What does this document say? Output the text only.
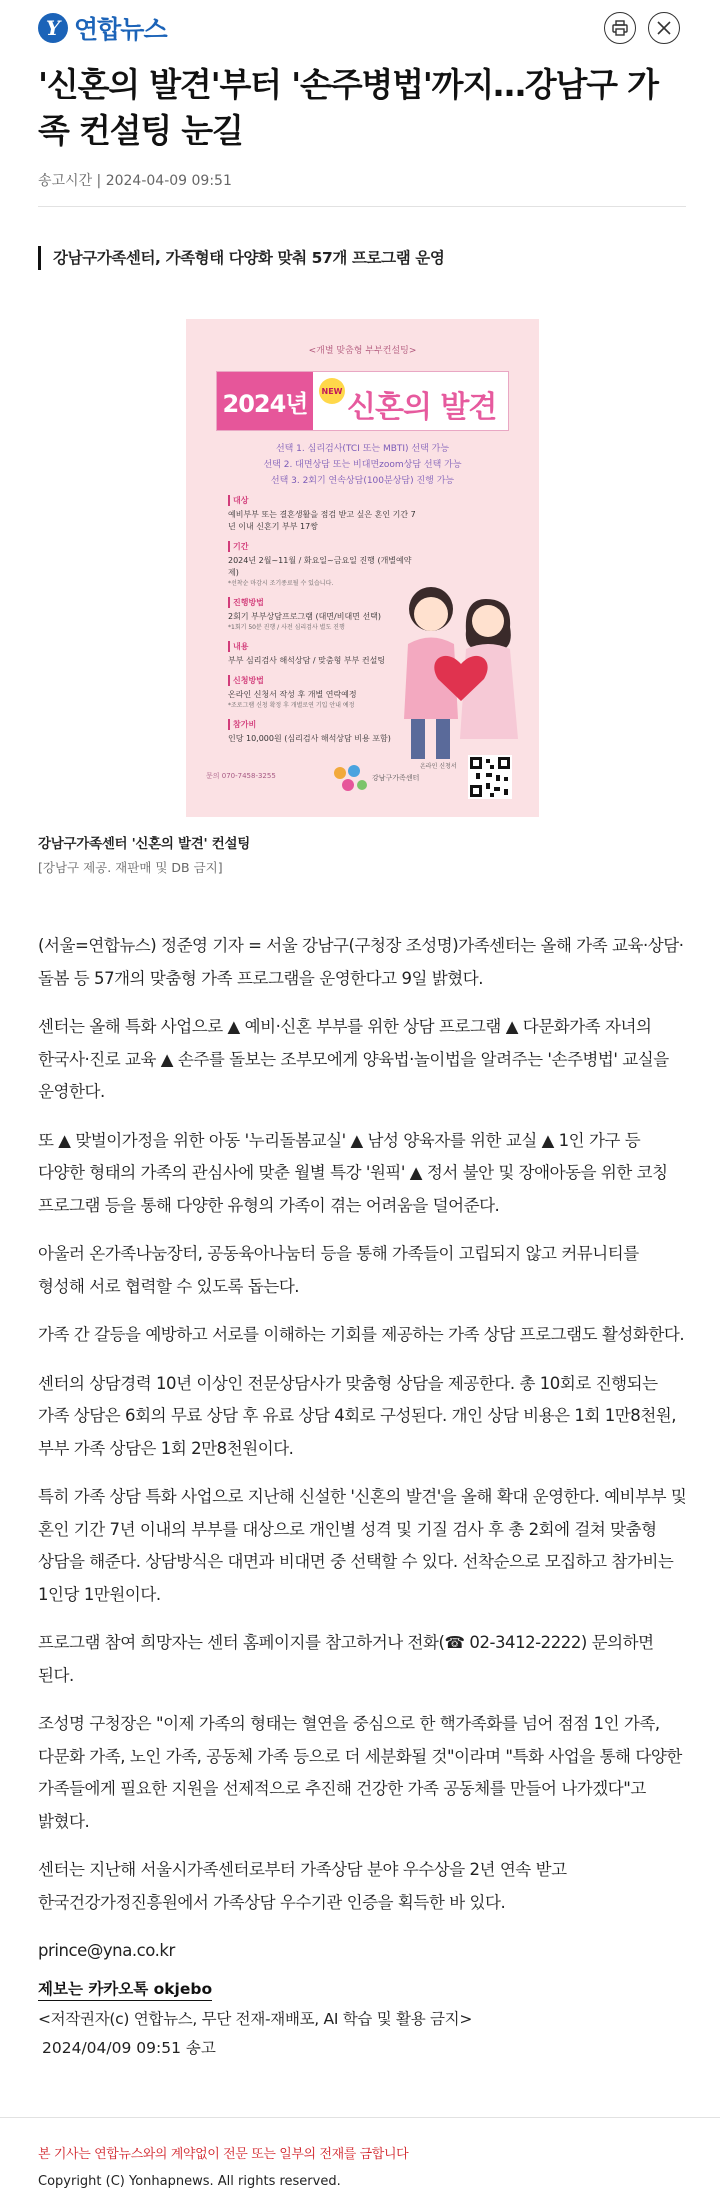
Y 연합뉴스
'신혼의 발견'부터 '손주병법'까지…강남구 가족 컨설팅 눈길
송고시간 | 2024-04-09 09:51
강남구가족센터, 가족형태 다양화 맞춰 57개 프로그램 운영
<개별 맞춤형 부부컨설팅>
2024년	NEW 신혼의 발견
선택 1. 심리검사(TCI 또는 MBTI) 선택 가능
선택 2. 대면상담 또는 비대면zoom상담 선택 가능
선택 3. 2회기 연속상담(100분상담) 진행 가능
대상
예비부부 또는 결혼생활을 점검 받고 싶은 혼인 기간 7년 이내 신혼기 부부 17쌍
기간
2024년 2월~11월 / 화요일~금요일 진행 (개별예약제)
*선착순 마감시 조기종료될 수 있습니다.
진행방법
2회기 부부상담프로그램 (대면/비대면 선택)
*1회기 50분 진행 / 사전 심리검사 별도 진행
내용
부부 심리검사 해석상담 / 맞춤형 부부 컨설팅
신청방법
온라인 신청서 작성 후 개별 연락예정
*조로그램 신청 확정 후 개별로연 기입 안내 예정
참가비
인당 10,000원 (심리검사 해석상담 비용 포함)
문의 070-7458-3255	강남구가족센터
온라인 신청서
강남구가족센터 '신혼의 발견' 컨설팅
[강남구 제공. 재판매 및 DB 금지]

(서울=연합뉴스) 정준영 기자 = 서울 강남구(구청장 조성명)가족센터는 올해 가족 교육·상담·돌봄 등 57개의 맞춤형 가족 프로그램을 운영한다고 9일 밝혔다.

센터는 올해 특화 사업으로 ▲ 예비·신혼 부부를 위한 상담 프로그램 ▲ 다문화가족 자녀의 한국사·진로 교육 ▲ 손주를 돌보는 조부모에게 양육법·놀이법을 알려주는 '손주병법' 교실을 운영한다.

또 ▲ 맞벌이가정을 위한 아동 '누리돌봄교실' ▲ 남성 양육자를 위한 교실 ▲ 1인 가구 등 다양한 형태의 가족의 관심사에 맞춘 월별 특강 '원픽' ▲ 정서 불안 및 장애아동을 위한 코칭 프로그램 등을 통해 다양한 유형의 가족이 겪는 어려움을 덜어준다.

아울러 온가족나눔장터, 공동육아나눔터 등을 통해 가족들이 고립되지 않고 커뮤니티를 형성해 서로 협력할 수 있도록 돕는다.

가족 간 갈등을 예방하고 서로를 이해하는 기회를 제공하는 가족 상담 프로그램도 활성화한다.

센터의 상담경력 10년 이상인 전문상담사가 맞춤형 상담을 제공한다. 총 10회로 진행되는 가족 상담은 6회의 무료 상담 후 유료 상담 4회로 구성된다. 개인 상담 비용은 1회 1만8천원, 부부 가족 상담은 1회 2만8천원이다.

특히 가족 상담 특화 사업으로 지난해 신설한 '신혼의 발견'을 올해 확대 운영한다. 예비부부 및 혼인 기간 7년 이내의 부부를 대상으로 개인별 성격 및 기질 검사 후 총 2회에 걸쳐 맞춤형 상담을 해준다. 상담방식은 대면과 비대면 중 선택할 수 있다. 선착순으로 모집하고 참가비는 1인당 1만원이다.

프로그램 참여 희망자는 센터 홈페이지를 참고하거나 전화(☎ 02-3412-2222) 문의하면 된다.

조성명 구청장은 "이제 가족의 형태는 혈연을 중심으로 한 핵가족화를 넘어 점점 1인 가족, 다문화 가족, 노인 가족, 공동체 가족 등으로 더 세분화될 것"이라며 "특화 사업을 통해 다양한 가족들에게 필요한 지원을 선제적으로 추진해 건강한 가족 공동체를 만들어 나가겠다"고 밝혔다.

센터는 지난해 서울시가족센터로부터 가족상담 분야 우수상을 2년 연속 받고 한국건강가정진흥원에서 가족상담 우수기관 인증을 획득한 바 있다.

prince@yna.co.kr

제보는 카카오톡 okjebo
<저작권자(c) 연합뉴스, 무단 전재-재배포, AI 학습 및 활용 금지>
2024/04/09 09:51 송고
본 기사는 연합뉴스와의 계약없이 전문 또는 일부의 전재를 금합니다
Copyright (C) Yonhapnews. All rights reserved.
